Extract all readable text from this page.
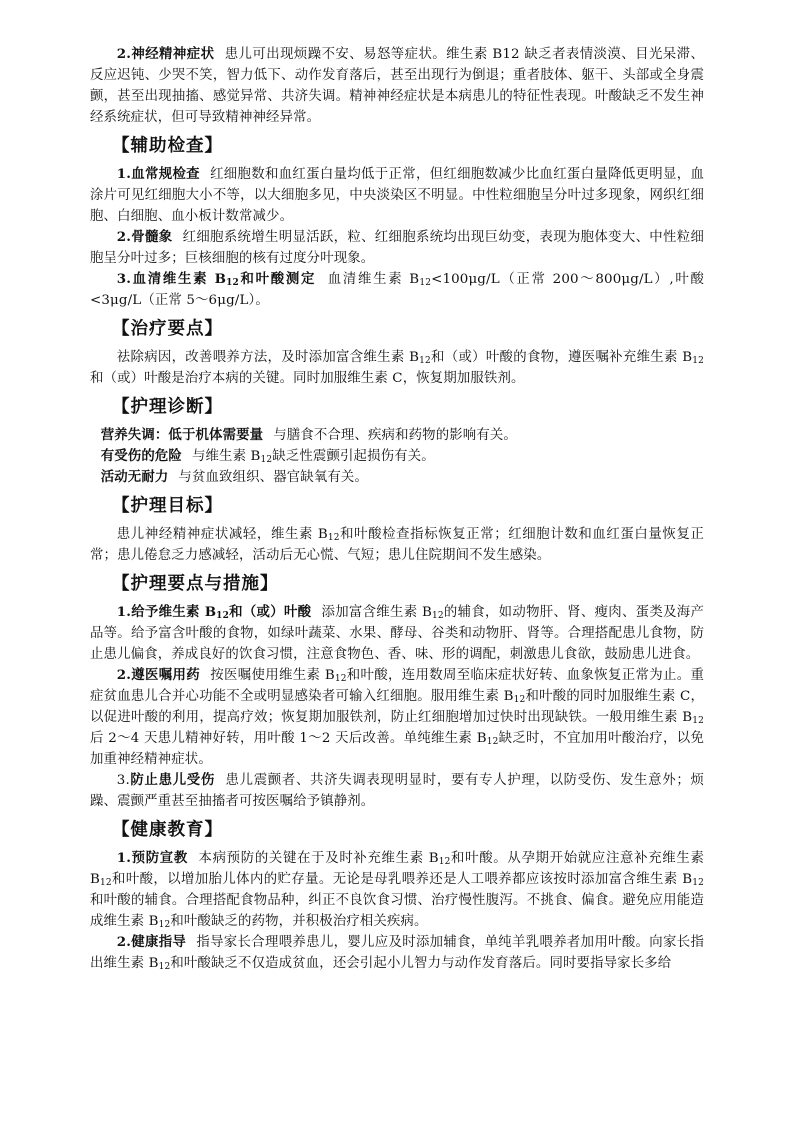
2.神经精神症状 患儿可出现烦躁不安、易怒等症状。维生素 B12 缺乏者表情淡漠、目光呆滞、反应迟钝、少哭不笑，智力低下、动作发育落后，甚至出现行为倒退；重者肢体、躯干、头部或全身震颤，甚至出现抽搐、感觉异常、共济失调。精神神经症状是本病患儿的特征性表现。叶酸缺乏不发生神经系统症状，但可导致精神神经异常。

【辅助检查】

1.血常规检查 红细胞数和血红蛋白量均低于正常，但红细胞数减少比血红蛋白量降低更明显，血涂片可见红细胞大小不等，以大细胞多见，中央淡染区不明显。中性粒细胞呈分叶过多现象，网织红细胞、白细胞、血小板计数常减少。

2.骨髓象 红细胞系统增生明显活跃，粒、红细胞系统均出现巨幼变，表现为胞体变大、中性粒细胞呈分叶过多；巨核细胞的核有过度分叶现象。

3.血清维生素 $B_{12}$和叶酸测定 血清维生素 $B_{12}<100\mu g/L$（正常 200～800μg/L）,叶酸<3μg/L（正常 5～6μg/L）。

【治疗要点】

祛除病因，改善喂养方法，及时添加富含维生素 $B_{12}$和（或）叶酸的食物，遵医嘱补充维生素 $B_{12}$和（或）叶酸是治疗本病的关键。同时加服维生素 C，恢复期加服铁剂。

【护理诊断】

营养失调：低于机体需要量 与膳食不合理、疾病和药物的影响有关。

有受伤的危险 与维生素 $B_{12}$缺乏性震颤引起损伤有关。

活动无耐力 与贫血致组织、器官缺氧有关。

【护理目标】

患儿神经精神症状减轻，维生素 $B_{12}$和叶酸检查指标恢复正常；红细胞计数和血红蛋白量恢复正常；患儿倦怠乏力感减轻，活动后无心慌、气短；患儿住院期间不发生感染。

【护理要点与措施】

1.给予维生素 $B_{12}$和（或）叶酸 添加富含维生素 $B_{12}$的辅食，如动物肝、肾、瘦肉、蛋类及海产品等。给予富含叶酸的食物，如绿叶蔬菜、水果、酵母、谷类和动物肝、肾等。合理搭配患儿食物，防止患儿偏食，养成良好的饮食习惯，注意食物色、香、味、形的调配，刺激患儿食欲，鼓励患儿进食。

2.遵医嘱用药 按医嘱使用维生素 $B_{12}$和叶酸，连用数周至临床症状好转、血象恢复正常为止。重症贫血患儿合并心功能不全或明显感染者可输入红细胞。服用维生素 $B_{12}$和叶酸的同时加服维生素 C，以促进叶酸的利用，提高疗效；恢复期加服铁剂，防止红细胞增加过快时出现缺铁。一般用维生素 $B_{12}$ 后 2～4 天患儿精神好转，用叶酸 1～2 天后改善。单纯维生素 $B_{12}$缺乏时，不宜加用叶酸治疗，以免加重神经精神症状。

3.防止患儿受伤 患儿震颤者、共济失调表现明显时，要有专人护理，以防受伤、发生意外；烦躁、震颤严重甚至抽搐者可按医嘱给予镇静剂。

【健康教育】

1.预防宣教 本病预防的关键在于及时补充维生素 $B_{12}$和叶酸。从孕期开始就应注意补充维生素 $B_{12}$和叶酸，以增加胎儿体内的贮存量。无论是母乳喂养还是人工喂养都应该按时添加富含维生素 $B_{12}$和叶酸的辅食。合理搭配食物品种，纠正不良饮食习惯、治疗慢性腹泻。不挑食、偏食。避免应用能造成维生素 $B_{12}$和叶酸缺乏的药物，并积极治疗相关疾病。

2.健康指导 指导家长合理喂养患儿，婴儿应及时添加辅食，单纯羊乳喂养者加用叶酸。向家长指出维生素 $B_{12}$和叶酸缺乏不仅造成贫血，还会引起小儿智力与动作发育落后。同时要指导家长多给
